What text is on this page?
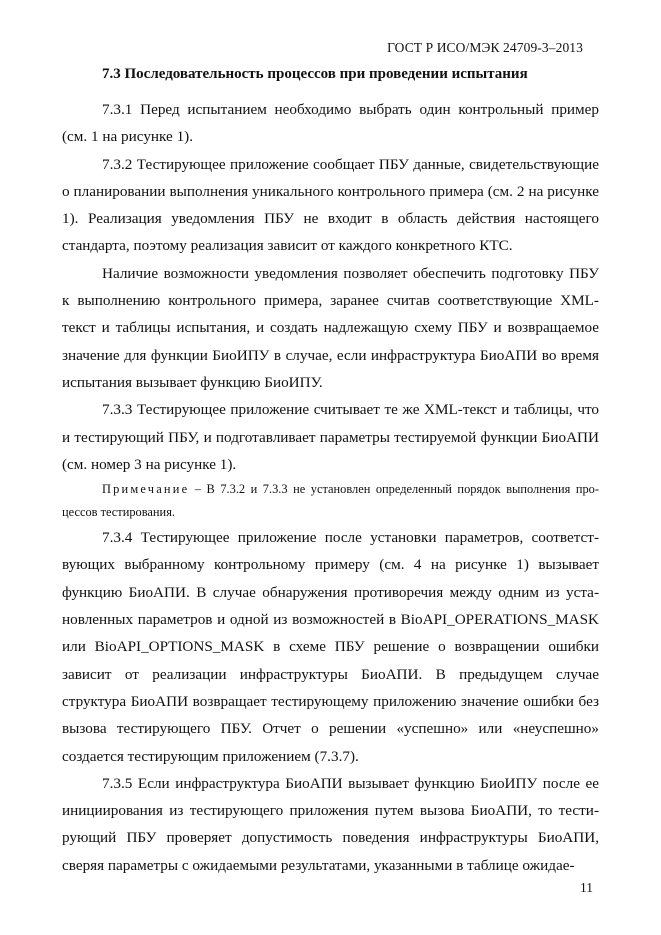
ГОСТ Р ИСО/МЭК 24709-3–2013

7.3 Последовательность процессов при проведении испытания

7.3.1 Перед испытанием необходимо выбрать один контрольный пример (см. 1 на рисунке 1).

7.3.2 Тестирующее приложение сообщает ПБУ данные, свидетельствующие о планировании выполнения уникального контрольного примера (см. 2 на рисунке 1). Реализация уведомления ПБУ не входит в область действия настоящего стандарта, поэтому реализация зависит от каждого конкретного КТС.

Наличие возможности уведомления позволяет обеспечить подготовку ПБУ к выполнению контрольного примера, заранее считав соответствующие XML-текст и таблицы испытания, и создать надлежащую схему ПБУ и возвращаемое значение для функции БиоИПУ в случае, если инфраструктура БиоАПИ во время испытания вызывает функцию БиоИПУ.

7.3.3 Тестирующее приложение считывает те же XML-текст и таблицы, что и тестирующий ПБУ, и подготавливает параметры тестируемой функции БиоАПИ (см. номер 3 на рисунке 1).

Примечание – В 7.3.2 и 7.3.3 не установлен определенный порядок выполнения процессов тестирования.

7.3.4 Тестирующее приложение после установки параметров, соответствующих выбранному контрольному примеру (см. 4 на рисунке 1) вызывает функцию БиоАПИ. В случае обнаружения противоречия между одним из установленных параметров и одной из возможностей в BioAPI_OPERATIONS_MASK или BioAPI_OPTIONS_MASK в схеме ПБУ решение о возвращении ошибки зависит от реализации инфраструктуры БиоАПИ. В предыдущем случае структура БиоАПИ возвращает тестирующему приложению значение ошибки без вызова тестирующего ПБУ. Отчет о решении «успешно» или «неуспешно» создается тестирующим приложением (7.3.7).

7.3.5 Если инфраструктура БиоАПИ вызывает функцию БиоИПУ после ее инициирования из тестирующего приложения путем вызова БиоАПИ, то тестирующий ПБУ проверяет допустимость поведения инфраструктуры БиоАПИ, сверяя параметры с ожидаемыми результатами, указанными в таблице ожидае-

11
